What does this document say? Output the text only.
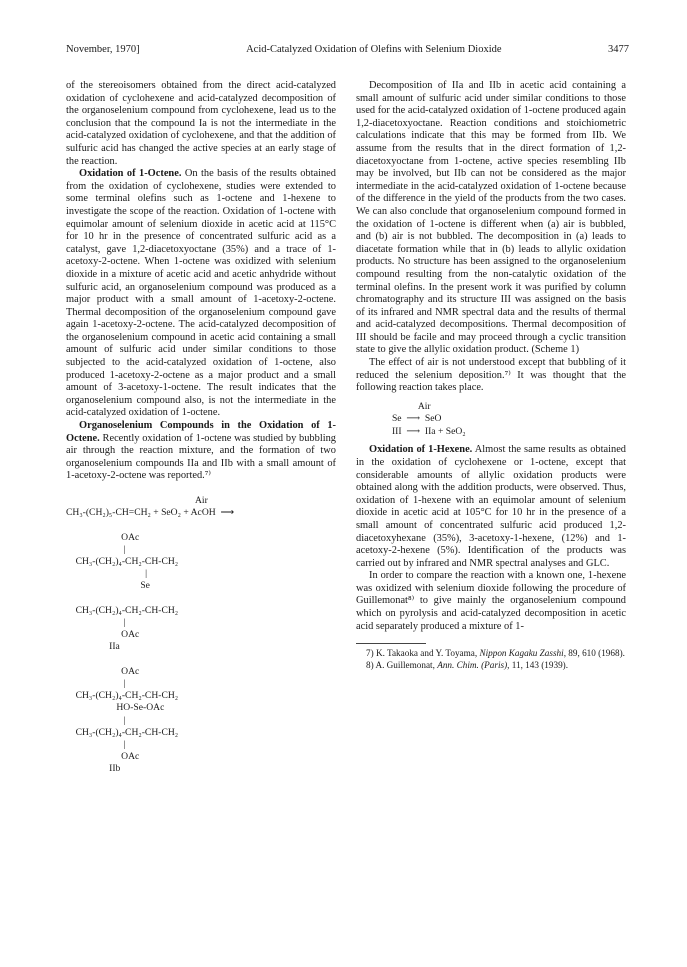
November, 1970]	Acid-Catalyzed Oxidation of Olefins with Selenium Dioxide	3477

of the stereoisomers obtained from the direct acid-catalyzed oxidation of cyclohexene and acid-catalyzed decomposition of the organoselenium compound from cyclohexene, lead us to the conclusion that the compound Ia is not the intermediate in the acid-catalyzed oxidation of cyclohexene, and that the addition of sulfuric acid has changed the active species at an early stage of the reaction.

Oxidation of 1-Octene. On the basis of the results obtained from the oxidation of cyclohexene, studies were extended to some terminal olefins such as 1-octene and 1-hexene to investigate the scope of the reaction. Oxidation of 1-octene with equimolar amount of selenium dioxide in acetic acid at 115°C for 10 hr in the presence of concentrated sulfuric acid as a catalyst, gave 1,2-diacetoxyoctane (35%) and a trace of 1-acetoxy-2-octene. When 1-octene was oxidized with selenium dioxide in a mixture of acetic acid and acetic anhydride without sulfuric acid, an organoselenium compound was produced as a major product with a small amount of 1-acetoxy-2-octene. Thermal decomposition of the organoselenium compound gave again 1-acetoxy-2-octene. The acid-catalyzed decomposition of the organoselenium compound in acetic acid containing a small amount of sulfuric acid under similar conditions to those subjected to the acid-catalyzed oxidation of 1-octene, also produced 1-acetoxy-2-octene as a major product and a small amount of 3-acetoxy-1-octene. The result indicates that the organoselenium compound also, is not the intermediate in the acid-catalyzed oxidation of 1-octene.

Organoselenium Compounds in the Oxidation of 1-Octene. Recently oxidation of 1-octene was studied by bubbling air through the reaction mixture, and the formation of two organoselenium compounds IIa and IIb with a small amount of 1-acetoxy-2-octene was reported.⁷⁾

Air
CH₃-(CH₂)₅-CH=CH₂ + SeO₂ + AcOH  ⟶

OAc
|
CH₃-(CH₂)₄-CH₂-CH-CH₂
|
Se

CH₃-(CH₂)₄-CH₂-CH-CH₂
|
OAc
IIa

OAc
|
CH₃-(CH₂)₄-CH₂-CH-CH₂
HO-Se-OAc
|
CH₃-(CH₂)₄-CH₂-CH-CH₂
|
OAc
IIb

Decomposition of IIa and IIb in acetic acid containing a small amount of sulfuric acid under similar conditions to those used for the acid-catalyzed oxidation of 1-octene produced again 1,2-diacetoxyoctane. Reaction conditions and stoichiometric calculations indicate that this may be formed from IIb. We assume from the results that in the direct formation of 1,2-diacetoxyoctane from 1-octene, active species resembling IIb may be involved, but IIb can not be considered as the major intermediate in the acid-catalyzed oxidation of 1-octene because of the difference in the yield of the products from the two cases. We can also conclude that organoselenium compound formed in the oxidation of 1-octene is different when (a) air is bubbled, and (b) air is not bubbled. The decomposition in (a) leads to diacetate formation while that in (b) leads to allylic oxidation products. No structure has been assigned to the organoselenium compound resulting from the non-catalytic oxidation of the terminal olefins. In the present work it was purified by column chromatography and its structure III was assigned on the basis of its infrared and NMR spectral data and the results of thermal and acid-catalyzed decompositions. Thermal decomposition of III should be facile and may proceed through a cyclic transition state to give the allylic oxidation product. (Scheme 1)

The effect of air is not understood except that bubbling of it reduced the selenium deposition.⁷⁾ It was thought that the following reaction takes place.

Air
Se  ⟶  SeO
III  ⟶  IIa + SeO₂

Oxidation of 1-Hexene. Almost the same results as obtained in the oxidation of cyclohexene or 1-octene, except that considerable amounts of allylic oxidation products were obtained along with the addition products, were observed. Thus, oxidation of 1-hexene with an equimolar amount of selenium dioxide in acetic acid at 105°C for 10 hr in the presence of a small amount of concentrated sulfuric acid produced 1,2-diacetoxyhexane (35%), 3-acetoxy-1-hexene, (12%) and 1-acetoxy-2-hexene (5%). Identification of the products was carried out by infrared and NMR spectral analyses and GLC.

In order to compare the reaction with a known one, 1-hexene was oxidized with selenium dioxide following the procedure of Guillemonat⁸⁾ to give mainly the organoselenium compound which on pyrolysis and acid-catalyzed decomposition in acetic acid separately produced a mixture of 1-

7) K. Takaoka and Y. Toyama, Nippon Kagaku Zasshi, 89, 610 (1968).

8) A. Guillemonat, Ann. Chim. (Paris), 11, 143 (1939).
